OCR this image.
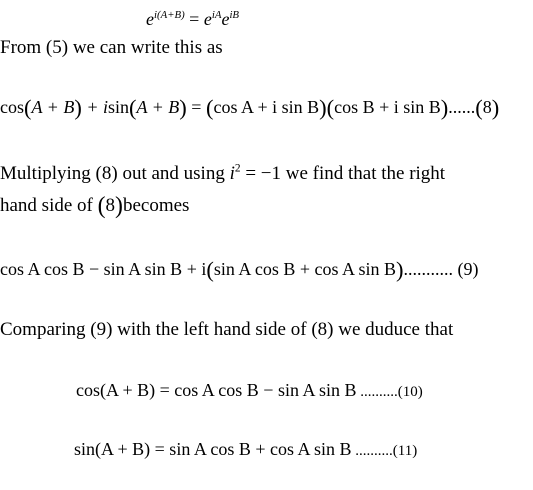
$e^{i(A+B)} = e^{iA}e^{iB}$
From (5) we can write this as
cos(A + B) + isin(A + B) = (cos A + i sin B)(cos B + i sin B)......(8)
Multiplying (8) out and using $i^2 = -1$ we find that the right
hand side of (8)becomes
cos A cos B − sin A sin B + i(sin A cos B + cos A sin B)........... (9)
Comparing (9) with the left hand side of (8) we duduce that
cos(A + B) = cos A cos B − sin A sin B ..........(10)
sin(A + B) = sin A cos B + cos A sin B ..........(11)
